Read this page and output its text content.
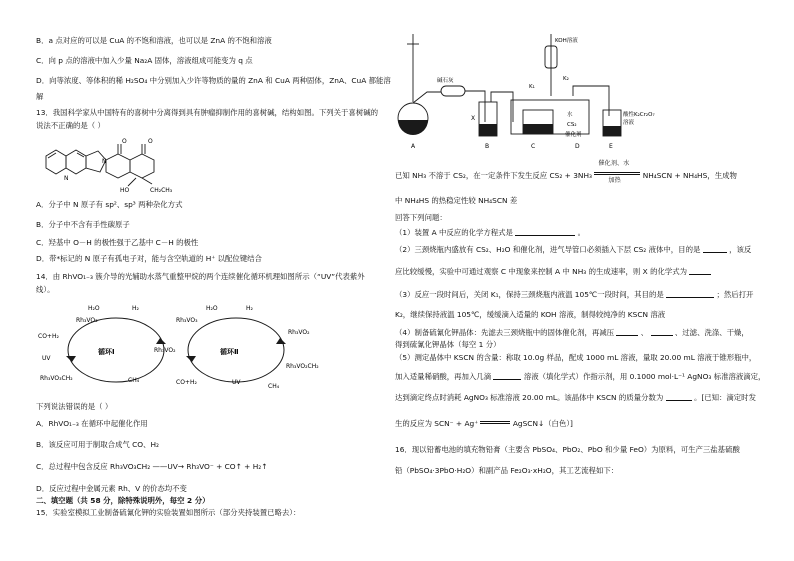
B．a 点对应的可以是 CuA 的不饱和溶液，也可以是 ZnA 的不饱和溶液
C．向 p 点的溶液中加入少量 Na₂A 固体，溶液组成可能变为 q 点
D．向等浓度、等体积的稀 H₂SO₄ 中分别加入少许等物质的量的 ZnA 和 CuA 两种固体，ZnA、CuA 都能溶
解
13．我国科学家从中国特有的喜树中分离得到具有肿瘤抑制作用的喜树碱，结构如图。下列关于喜树碱的
说法不正确的是（ ）
O
O
N
N
HO	CH₂CH₃
A．分子中 N 原子有 sp²、sp³ 两种杂化方式
B．分子中不含有手性碳原子
C．羟基中 O－H 的极性强于乙基中 C－H 的极性
D．带*标记的 N 原子有孤电子对，能与含空轨道的 H⁺ 以配位键结合
14．由 RhVO₁₋₃ 簇介导的光辅助水蒸气重整甲烷的两个连续催化循环机理如图所示（“UV”代表紫外
线）。
循环Ⅰ	循环Ⅱ
H₂O	H₂	H₂O	H₂
Rh₃VO₃	Rh₃VO₃
CO+H₂
UV
Rh₃VO₂
Rh₃VO₂
Rh₃VO₃CH₂	CH₄	CO+H₂	UV
Rh₃VO₂CH₂
CH₄
下列说法错误的是（ ）
A．RhVO₁₋₃ 在循环中起催化作用
B．该反应可用于制取合成气 CO、H₂
C．总过程中包含反应 Rh₃VO₃CH₂ ——UV→ Rh₃VO⁻ + CO↑ + H₂↑
D．反应过程中金属元素 Rh、V 的价态均不变
二、填空题（共 58 分，除特殊说明外，每空 2 分）
15．实验室模拟工业制备硫氰化钾的实验装置如图所示（部分夹持装置已略去）：
碱石灰
KOH溶液
K₁
K₂
水
CS₂
催化剂
酸性K₂Cr₂O₇
溶液
X
A	B	C	D	E
已知 NH₃ 不溶于 CS₂，在一定条件下发生反应 CS₂ + 3NH₃
催化剂、水
加热
NH₄SCN + NH₄HS，生成物
中 NH₄HS 的热稳定性较 NH₄SCN 差
回答下列问题：
（1）装置 A 中反应的化学方程式是	。
（2）三颈烧瓶内盛放有 CS₂、H₂O 和催化剂，进气导管口必须插入下层 CS₂ 液体中，目的是	，该反
应比较缓慢，实验中可通过观察 C 中现象来控制 A 中 NH₃ 的生成速率，则 X 的化学式为
（3）反应一段时间后，关闭 K₁，保持三颈烧瓶内液温 105℃一段时间，其目的是	；然后打开
K₂，继续保持液温 105℃，缓缓滴入适量的 KOH 溶液，制得较纯净的 KSCN 溶液
（4）制备硫氰化钾晶体：先滤去三颈烧瓶中的固体催化剂，再减压	、	、过滤、洗涤、干燥，
得到硫氰化钾晶体（每空 1 分）
（5）测定晶体中 KSCN 的含量：称取 10.0g 样品，配成 1000 mL 溶液，量取 20.00 mL 溶液于锥形瓶中，
加入适量稀硝酸，再加入几滴	溶液（填化学式）作指示剂，用 0.1000 mol·L⁻¹ AgNO₃ 标准溶液滴定，
达到滴定终点时消耗 AgNO₃ 标准溶液 20.00 mL。该晶体中 KSCN 的质量分数为	。[已知：滴定时发
生的反应为 SCN⁻ + Ag⁺	AgSCN↓（白色）]
16．现以铅蓄电池的填充物铅膏（主要含 PbSO₄、PbO₂、PbO 和少量 FeO）为原料，可生产三盐基硫酸
铅（PbSO₄·3PbO·H₂O）和副产品 Fe₂O₃·xH₂O，其工艺流程如下：
